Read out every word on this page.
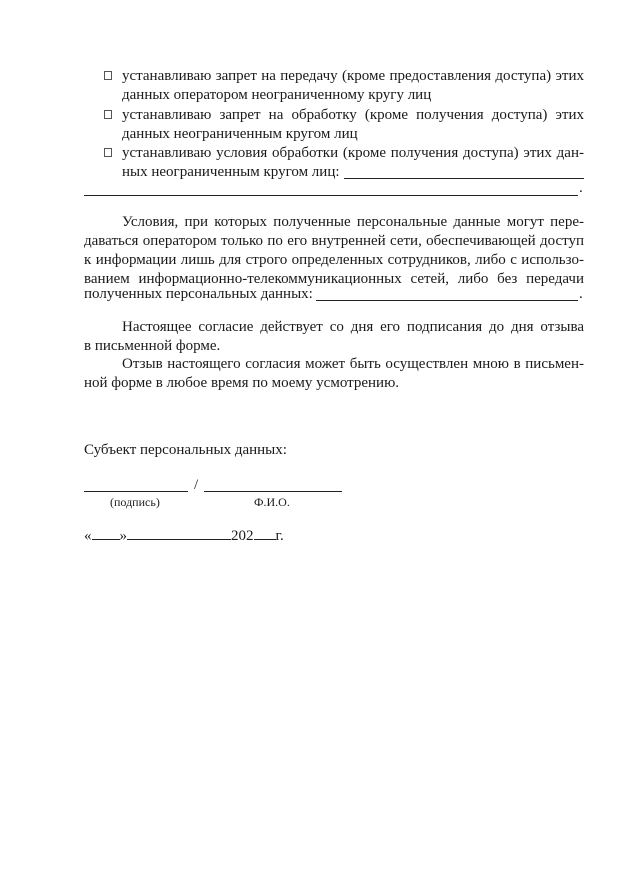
устанавливаю запрет на передачу (кроме предоставления доступа) этих
данных оператором неограниченному кругу лиц
устанавливаю запрет на обработку (кроме получения доступа) этих
данных неограниченным кругом лиц
устанавливаю условия обработки (кроме получения доступа) этих дан-
ных неограниченным кругом лиц:
.
Условия, при которых полученные персональные данные могут пере-
даваться оператором только по его внутренней сети, обеспечивающей доступ
к информации лишь для строго определенных сотрудников, либо с использо-
ванием информационно-телекоммуникационных сетей, либо без передачи
полученных персональных данных:	.
Настоящее согласие действует со дня его подписания до дня отзыва
в письменной форме.
Отзыв настоящего согласия может быть осуществлен мною в письмен-
ной форме в любое время по моему усмотрению.
Субъект персональных данных:
/
(подпись)	Ф.И.О.
« »	202 г.
